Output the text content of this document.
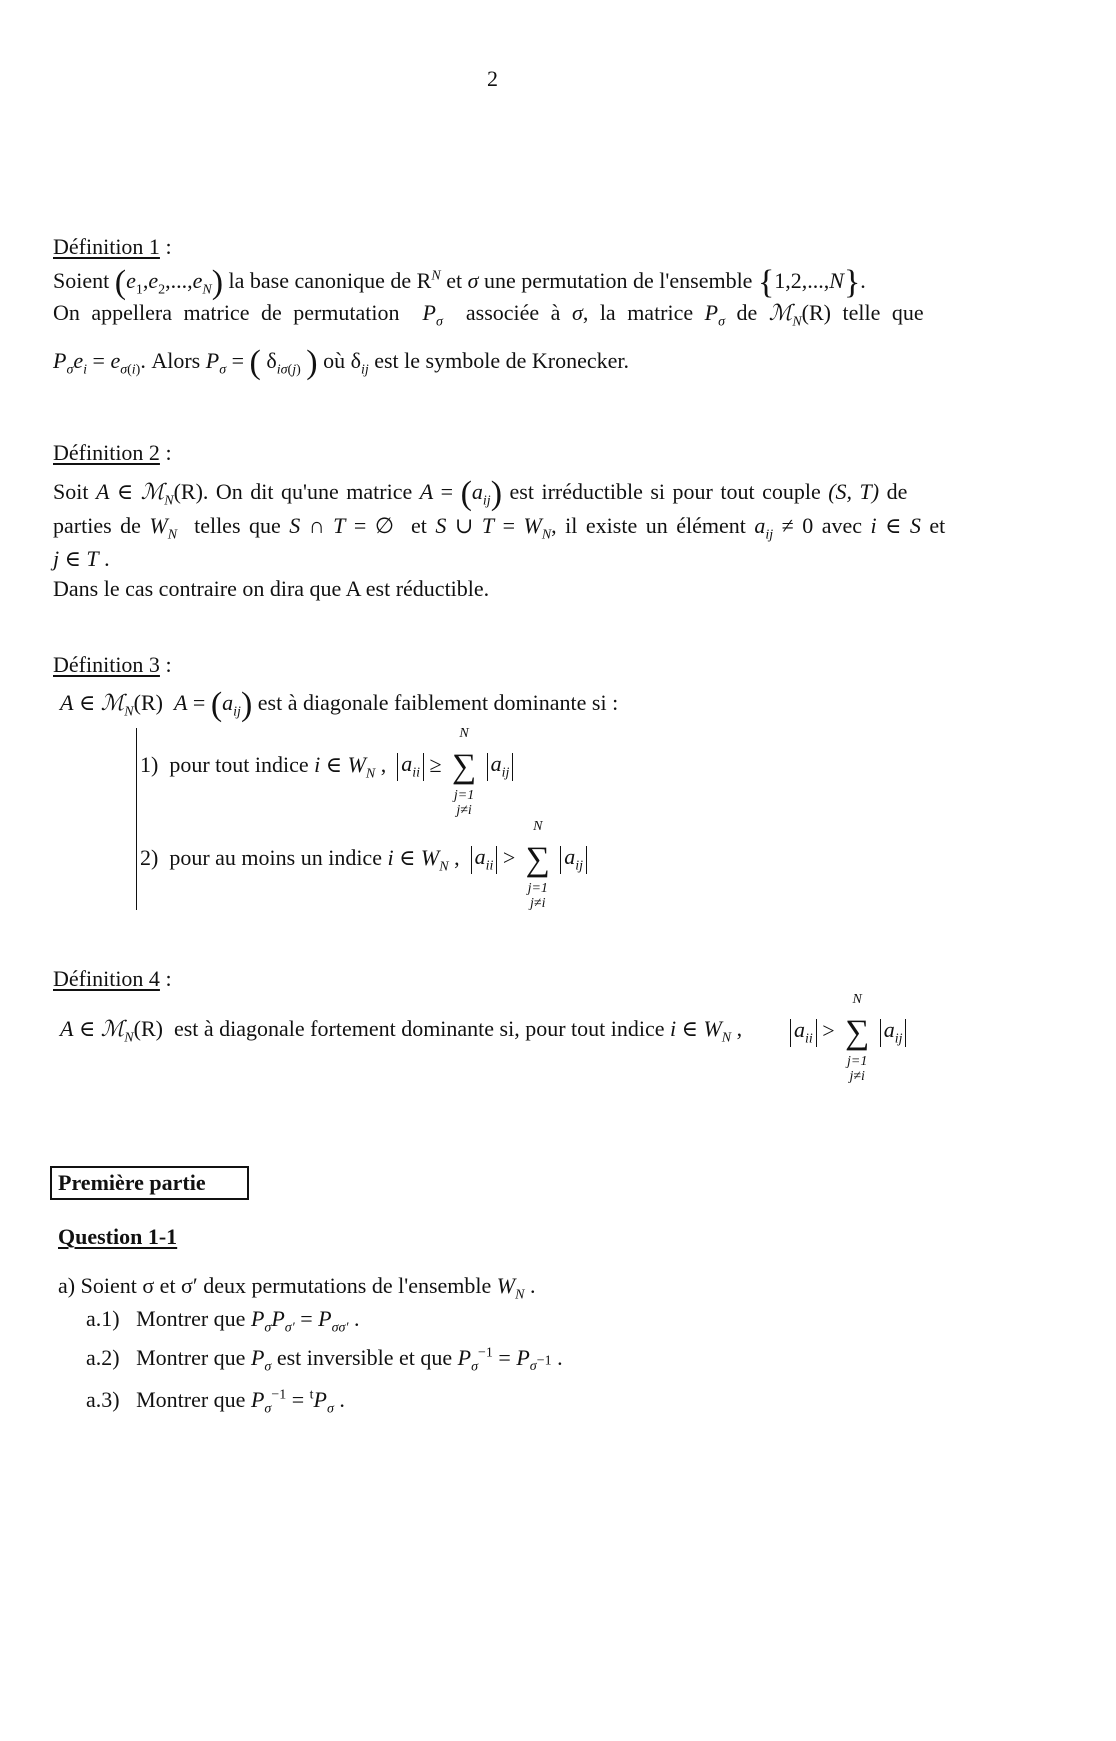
2
Définition 1 :
Soient $(e_1,e_2,...,e_N)$ la base canonique de $R^N$ et σ une permutation de l'ensemble {1,2,...,N}.
On appellera matrice de permutation $P_\sigma$ associée à σ, la matrice $P_\sigma$ de ℳ$_N$(R) telle que
$P_\sigma e_i = e_{\sigma(i)}$. Alors $P_\sigma$ = ( $\delta_{i\sigma(j)}$ ) où $\delta_{ij}$ est le symbole de Kronecker.
Définition 2 :
Soit A ∈ ℳ$_N$(R). On dit qu'une matrice $A = (a_{ij})$ est irréductible si pour tout couple (S, T) de
parties de $W_N$ telles que S ∩ T = ∅  et S ∪ $T = W_N$, il existe un élément $a_{ij} \ne 0$ avec i ∈ S et
j ∈ T .
Dans le cas contraire on dira que A est réductible.
Définition 3 :
A ∈ ℳ$_N$(R) $A = (a_{ij})$ est à diagonale faiblement dominante si :
1) pour tout indice i ∈ $W_N$ ,  $a_{ii}$ ≥
N
∑
j=1
j≠i
$a_{ij}$
2) pour au moins un indice i ∈ $W_N$ ,  $a_{ii}$ >
N
∑
j=1
j≠i
$a_{ij}$
Définition 4 :
A ∈ ℳ$_N$(R) est à diagonale fortement dominante si, pour tout indice i ∈ $W_N$ , $a_{ii}$ >
N
∑
j=1
j≠i
$a_{ij}$
Première partie
Question 1-1
a) Soient σ et σ′ deux permutations de l'ensemble $W_N$ .
a.1) Montrer que $P_\sigma P_{\sigma'} = P_{\sigma\sigma'}$ .
a.2) Montrer que $P_\sigma$ est inversible et que $P_\sigma^{-1} = P_{\sigma^{-1}}$ .
a.3) Montrer que $P_\sigma^{-1} = ^tP_\sigma$ .
